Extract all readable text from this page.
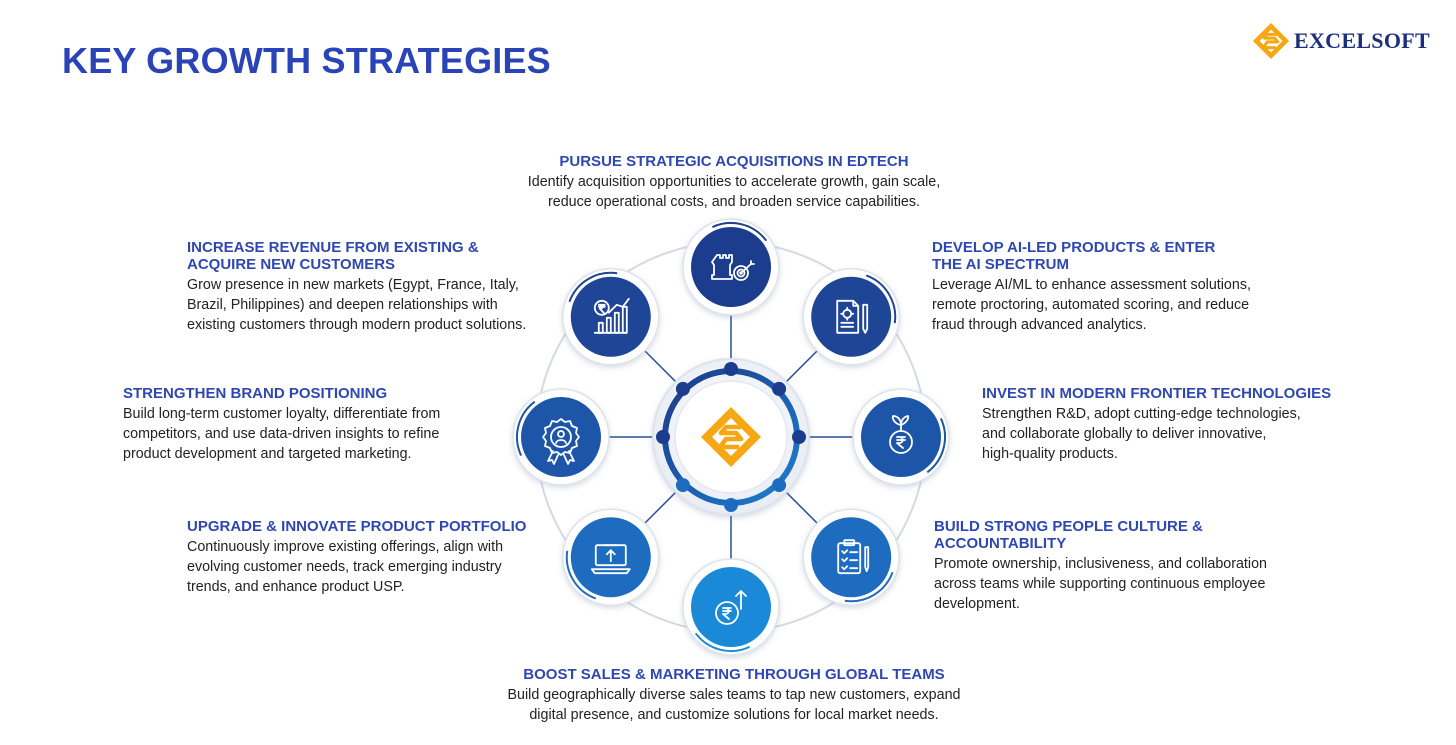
KEY GROWTH STRATEGIES	EXCELSOFT

PURSUE STRATEGIC ACQUISITIONS IN EDTECH

Identify acquisition opportunities to accelerate growth, gain scale,
reduce operational costs, and broaden service capabilities.

DEVELOP AI-LED PRODUCTS & ENTER
THE AI SPECTRUM

Leverage AI/ML to enhance assessment solutions,
remote proctoring, automated scoring, and reduce
fraud through advanced analytics.

INVEST IN MODERN FRONTIER TECHNOLOGIES

Strengthen R&D, adopt cutting-edge technologies,
and collaborate globally to deliver innovative,
high-quality products.

BUILD STRONG PEOPLE CULTURE &
ACCOUNTABILITY

Promote ownership, inclusiveness, and collaboration
across teams while supporting continuous employee
development.

BOOST SALES & MARKETING THROUGH GLOBAL TEAMS

Build geographically diverse sales teams to tap new customers, expand
digital presence, and customize solutions for local market needs.

UPGRADE & INNOVATE PRODUCT PORTFOLIO

Continuously improve existing offerings, align with
evolving customer needs, track emerging industry
trends, and enhance product USP.

STRENGTHEN BRAND POSITIONING

Build long-term customer loyalty, differentiate from
competitors, and use data-driven insights to refine
product development and targeted marketing.

INCREASE REVENUE FROM EXISTING &
ACQUIRE NEW CUSTOMERS

Grow presence in new markets (Egypt, France, Italy,
Brazil, Philippines) and deepen relationships with
existing customers through modern product solutions.
